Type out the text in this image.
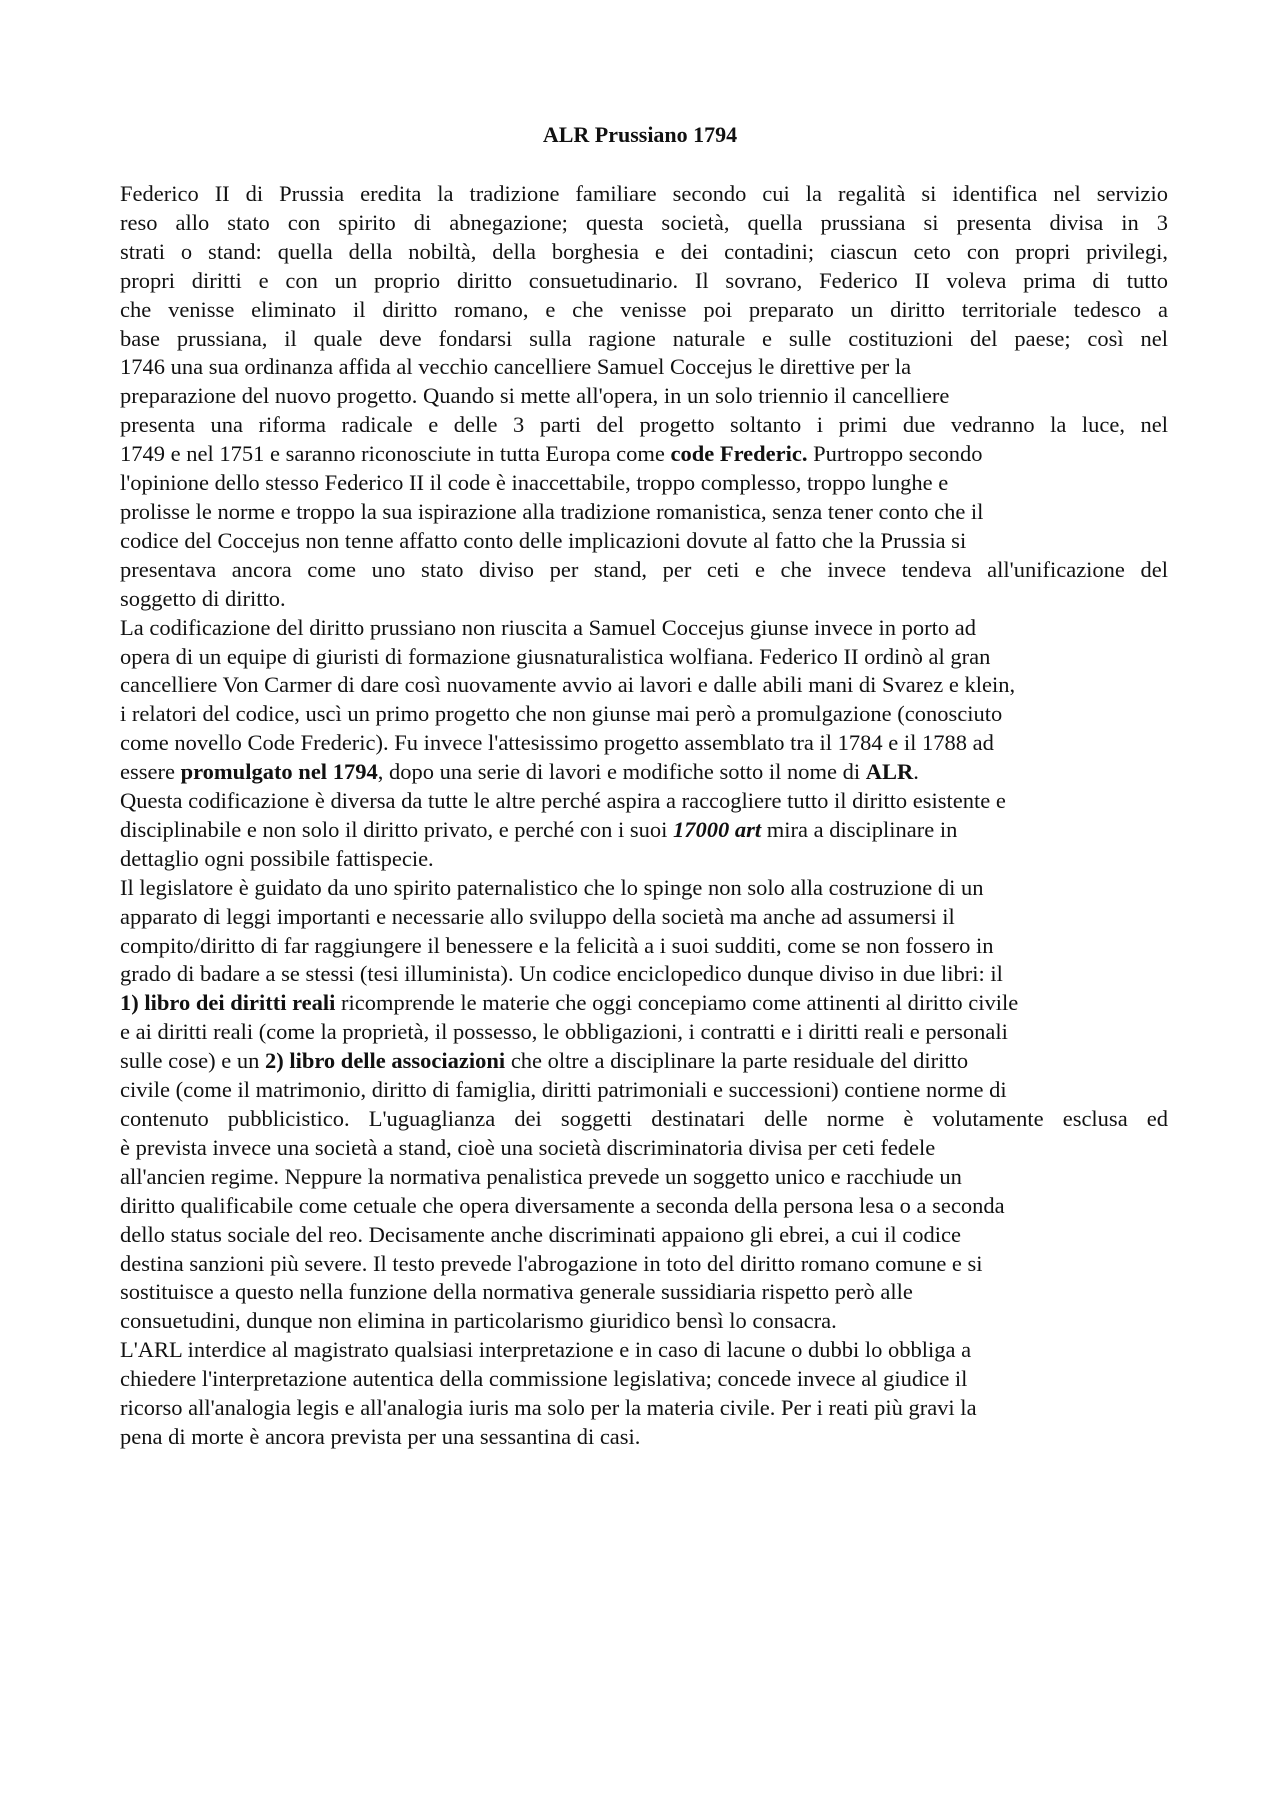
ALR Prussiano 1794
Federico II di Prussia eredita la tradizione familiare secondo cui la regalità si identifica nel servizio
reso allo stato con spirito di abnegazione; questa società, quella prussiana si presenta divisa in 3
strati o stand: quella della nobiltà, della borghesia e dei contadini; ciascun ceto con propri privilegi,
propri diritti e con un proprio diritto consuetudinario. Il sovrano, Federico II voleva prima di tutto
che venisse eliminato il diritto romano, e che venisse poi preparato un diritto territoriale tedesco a
base prussiana, il quale deve fondarsi sulla ragione naturale e sulle costituzioni del paese; così nel
1746 una sua ordinanza affida al vecchio cancelliere Samuel Coccejus le direttive per la
preparazione del nuovo progetto. Quando si mette all'opera, in un solo triennio il cancelliere
presenta una riforma radicale e delle 3 parti del progetto soltanto i primi due vedranno la luce, nel
1749 e nel 1751 e saranno riconosciute in tutta Europa come code Frederic. Purtroppo secondo
l'opinione dello stesso Federico II il code è inaccettabile, troppo complesso, troppo lunghe e
prolisse le norme e troppo la sua ispirazione alla tradizione romanistica, senza tener conto che il
codice del Coccejus non tenne affatto conto delle implicazioni dovute al fatto che la Prussia si
presentava ancora come uno stato diviso per stand, per ceti e che invece tendeva all'unificazione del
soggetto di diritto.
La codificazione del diritto prussiano non riuscita a Samuel Coccejus giunse invece in porto ad
opera di un equipe di giuristi di formazione giusnaturalistica wolfiana. Federico II ordinò al gran
cancelliere Von Carmer di dare così nuovamente avvio ai lavori e dalle abili mani di Svarez e klein,
i relatori del codice, uscì un primo progetto che non giunse mai però a promulgazione (conosciuto
come novello Code Frederic). Fu invece l'attesissimo progetto assemblato tra il 1784 e il 1788 ad
essere promulgato nel 1794, dopo una serie di lavori e modifiche sotto il nome di ALR.
Questa codificazione è diversa da tutte le altre perché aspira a raccogliere tutto il diritto esistente e
disciplinabile e non solo il diritto privato, e perché con i suoi 17000 art mira a disciplinare in
dettaglio ogni possibile fattispecie.
Il legislatore è guidato da uno spirito paternalistico che lo spinge non solo alla costruzione di un
apparato di leggi importanti e necessarie allo sviluppo della società ma anche ad assumersi il
compito/diritto di far raggiungere il benessere e la felicità a i suoi sudditi, come se non fossero in
grado di badare a se stessi (tesi illuminista). Un codice enciclopedico dunque diviso in due libri: il
1) libro dei diritti reali ricomprende le materie che oggi concepiamo come attinenti al diritto civile
e ai diritti reali (come la proprietà, il possesso, le obbligazioni, i contratti e i diritti reali e personali
sulle cose) e un 2) libro delle associazioni che oltre a disciplinare la parte residuale del diritto
civile (come il matrimonio, diritto di famiglia, diritti patrimoniali e successioni) contiene norme di
contenuto pubblicistico. L'uguaglianza dei soggetti destinatari delle norme è volutamente esclusa ed
è prevista invece una società a stand, cioè una società discriminatoria divisa per ceti fedele
all'ancien regime. Neppure la normativa penalistica prevede un soggetto unico e racchiude un
diritto qualificabile come cetuale che opera diversamente a seconda della persona lesa o a seconda
dello status sociale del reo. Decisamente anche discriminati appaiono gli ebrei, a cui il codice
destina sanzioni più severe. Il testo prevede l'abrogazione in toto del diritto romano comune e si
sostituisce a questo nella funzione della normativa generale sussidiaria rispetto però alle
consuetudini, dunque non elimina in particolarismo giuridico bensì lo consacra.
L'ARL interdice al magistrato qualsiasi interpretazione e in caso di lacune o dubbi lo obbliga a
chiedere l'interpretazione autentica della commissione legislativa; concede invece al giudice il
ricorso all'analogia legis e all'analogia iuris ma solo per la materia civile. Per i reati più gravi la
pena di morte è ancora prevista per una sessantina di casi.
